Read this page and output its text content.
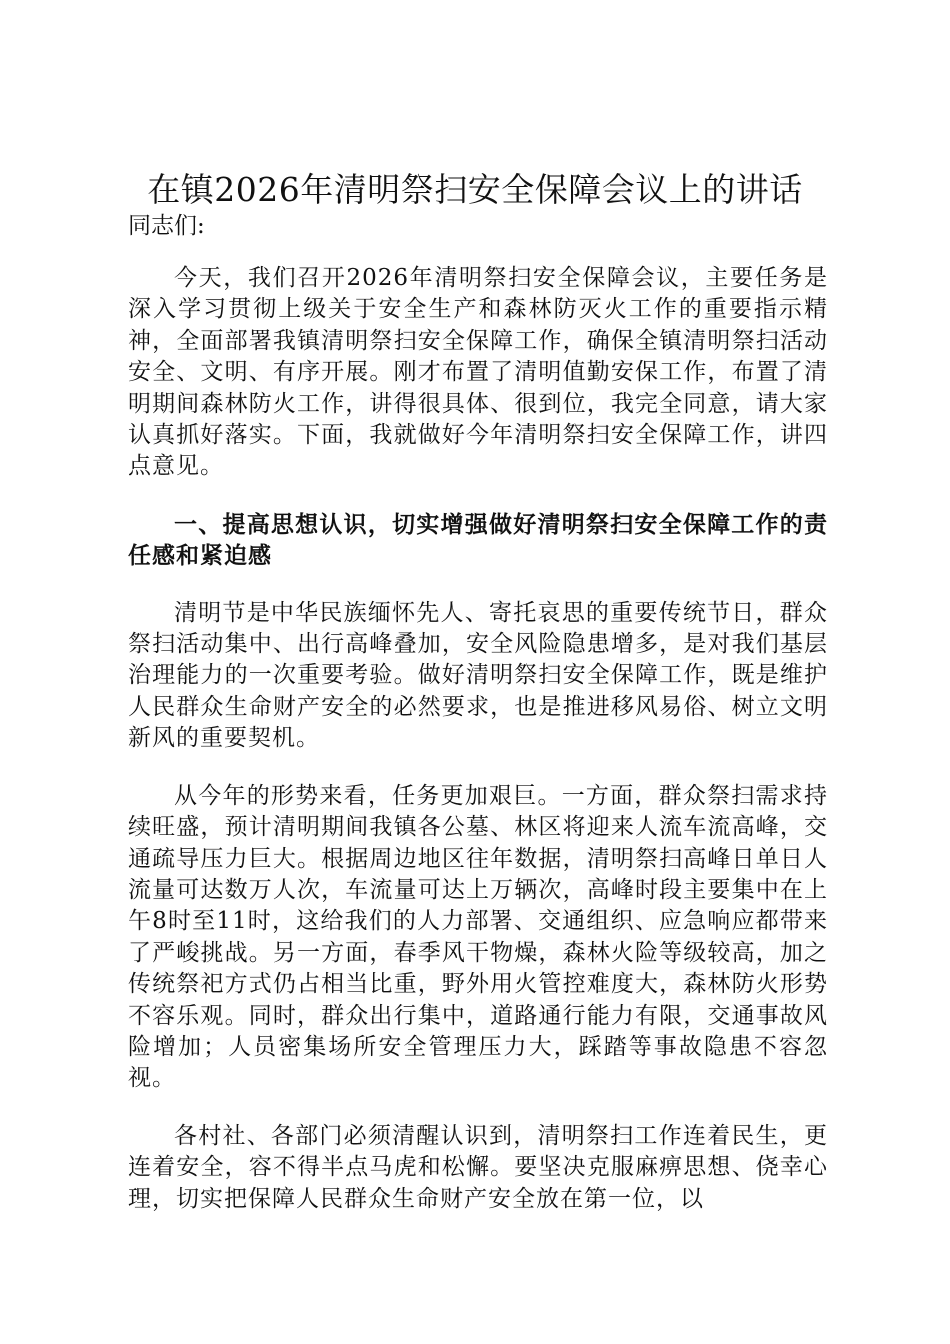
在镇2026年清明祭扫安全保障会议上的讲话

同志们:

今天，我们召开2026年清明祭扫安全保障会议，主要任务是深入学习贯彻上级关于安全生产和森林防灭火工作的重要指示精神，全面部署我镇清明祭扫安全保障工作，确保全镇清明祭扫活动安全、文明、有序开展。刚才布置了清明值勤安保工作，布置了清明期间森林防火工作，讲得很具体、很到位，我完全同意，请大家认真抓好落实。下面，我就做好今年清明祭扫安全保障工作，讲四点意见。

一、提高思想认识，切实增强做好清明祭扫安全保障工作的责任感和紧迫感

清明节是中华民族缅怀先人、寄托哀思的重要传统节日，群众祭扫活动集中、出行高峰叠加，安全风险隐患增多，是对我们基层治理能力的一次重要考验。做好清明祭扫安全保障工作，既是维护人民群众生命财产安全的必然要求，也是推进移风易俗、树立文明新风的重要契机。

从今年的形势来看，任务更加艰巨。一方面，群众祭扫需求持续旺盛，预计清明期间我镇各公墓、林区将迎来人流车流高峰，交通疏导压力巨大。根据周边地区往年数据，清明祭扫高峰日单日人流量可达数万人次，车流量可达上万辆次，高峰时段主要集中在上午8时至11时，这给我们的人力部署、交通组织、应急响应都带来了严峻挑战。另一方面，春季风干物燥，森林火险等级较高，加之传统祭祀方式仍占相当比重，野外用火管控难度大，森林防火形势不容乐观。同时，群众出行集中，道路通行能力有限，交通事故风险增加；人员密集场所安全管理压力大，踩踏等事故隐患不容忽视。

各村社、各部门必须清醒认识到，清明祭扫工作连着民生，更连着安全，容不得半点马虎和松懈。要坚决克服麻痹思想、侥幸心理，切实把保障人民群众生命财产安全放在第一位，以
